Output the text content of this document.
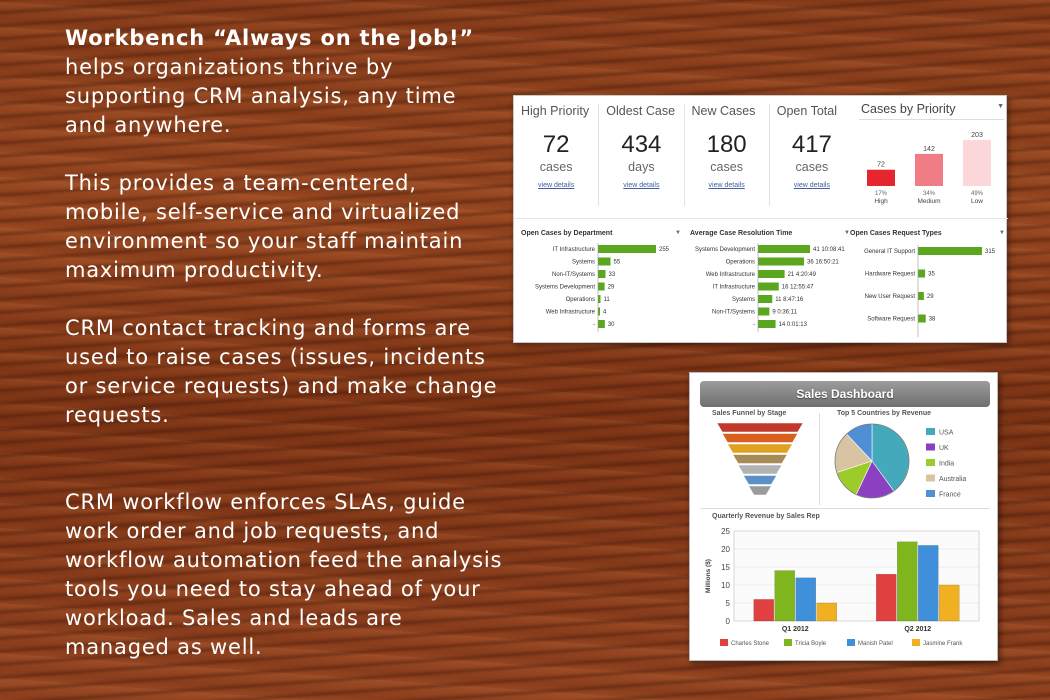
Workbench “Always on the Job!” helps organizations thrive by supporting CRM analysis, any time and anywhere.

This provides a team-centered, mobile, self-service and virtualized environment so your staff maintain maximum productivity.

CRM contact tracking and forms are used to raise cases (issues, incidents or service requests) and make change requests.

CRM workflow enforces SLAs, guide work order and job requests, and workflow automation feed the analysis tools you need to stay ahead of your workload. Sales and leads are managed as well.

High Priority
72
cases
view details
Oldest Case
434
days
view details
New Cases
180
cases
view details
Open Total
417
cases
view details
Cases by Priority	▼
72
17%
High
142
34%
Medium
203
49%
Low
Open Cases by Department	▼
IT Infrastructure	255
Systems	55
Non-IT/Systems 33
Systems Development 29
Operations 11
Web Infrastructure 4
- 30
Average Case Resolution Time	▼
Systems Development	41 10:08:41
Operations	36 16:50:21
Web Infrastructure	21 4:20:49
IT Infrastructure	16 12:55:47
Systems	11 8:47:16
Non-IT/Systems	9 0:36:11
-	14 0:01:13
Open Cases Request Types	▼
General IT Support	315
Hardware Request 35
New User Request 29
Software Request 38
Sales Dashboard
Sales Funnel by Stage	Top 5 Countries by Revenue
USA
UK
India
Australia
France
Quarterly Revenue by Sales Rep
0
5
10
15
20
25
Millions ($)
Q1 2012	Q2 2012
Charles Stone	Tricia Boyle	Manish Patel	Jasmine Frank
